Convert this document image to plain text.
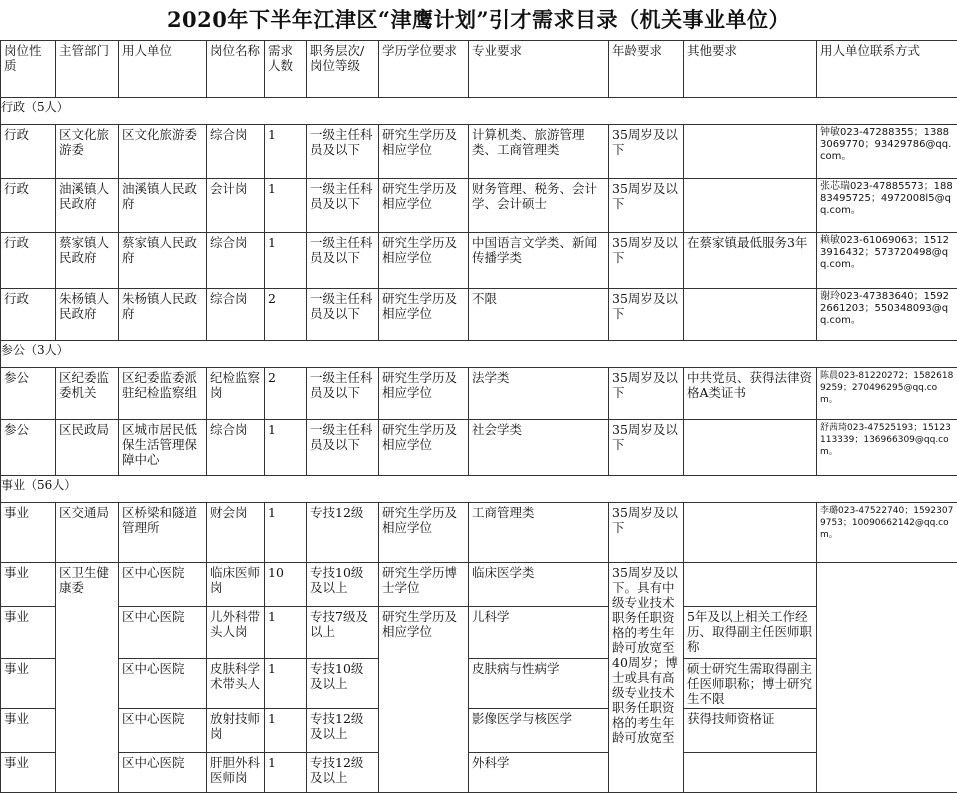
2020年下半年江津区“津鹰计划”引才需求目录（机关事业单位）
岗位性质	主管部门	用人单位	岗位名称	需求人数	职务层次/岗位等级	学历学位要求	专业要求	年龄要求	其他要求	用人单位联系方式
行政（5人）										
行政	区文化旅游委	区文化旅游委	综合岗	1	一级主任科员及以下	研究生学历及相应学位	计算机类、旅游管理类、工商管理类	35周岁及以下		钟敏023-47288355；13883069770；93429786@qq.com。
行政	油溪镇人民政府	油溪镇人民政府	会计岗	1	一级主任科员及以下	研究生学历及相应学位	财务管理、税务、会计学、会计硕士	35周岁及以下		张芯瑞023-47885573；18883495725；4972008l5@qq.com。
行政	蔡家镇人民政府	蔡家镇人民政府	综合岗	1	一级主任科员及以下	研究生学历及相应学位	中国语言文学类、新闻传播学类	35周岁及以下	在蔡家镇最低服务3年	赖敏023-61069063；15123916432；573720498@qq.com。
行政	朱杨镇人民政府	朱杨镇人民政府	综合岗	2	一级主任科员及以下	研究生学历及相应学位	不限	35周岁及以下		谢玲023-47383640；15922661203；550348093@qq.com。
参公（3人）										
参公	区纪委监委机关	区纪委监委派驻纪检监察组	纪检监察岗	2	一级主任科员及以下	研究生学历及相应学位	法学类	35周岁及以下	中共党员、获得法律资格A类证书	陈晨023-81220272；15826189259；270496295@qq.com。
参公	区民政局	区城市居民低保生活管理保障中心	综合岗	1	一级主任科员及以下	研究生学历及相应学位	社会学类	35周岁及以下		舒茜琦023-47525193；15123113339；136966309@qq.com。
事业（56人）										
事业	区交通局	区桥梁和隧道管理所	财会岗	1	专技12级	研究生学历及相应学位	工商管理类	35周岁及以下		李璐023-47522740；15923079753；1009066214​2@qq.com。
事业	区卫生健康委	区中心医院	临床医师岗	10	专技10级及以上	研究生学历博士学位	临床医学类	35周岁及以下。具有中级专业技术职务任职资格的考生年龄可放宽至40周岁；博士或具有高级专业技术职务任职资格的考生年龄可放宽至		
事业		区中心医院	儿外科带头人岗	1	专技7级及以上	研究生学历及相应学位	儿科学		5年及以上相关工作经历、取得副主任医师职称	
事业		区中心医院	皮肤科学术带头人	1	专技10级及以上		皮肤病与性病学		硕士研究生需取得副主任医师职称；博士研究生不限	
事业		区中心医院	放射技师岗	1	专技12级及以上		影像医学与核医学		获得技师资格证	
事业		区中心医院	肝胆外科医师岗	1	专技12级及以上		外科学			
